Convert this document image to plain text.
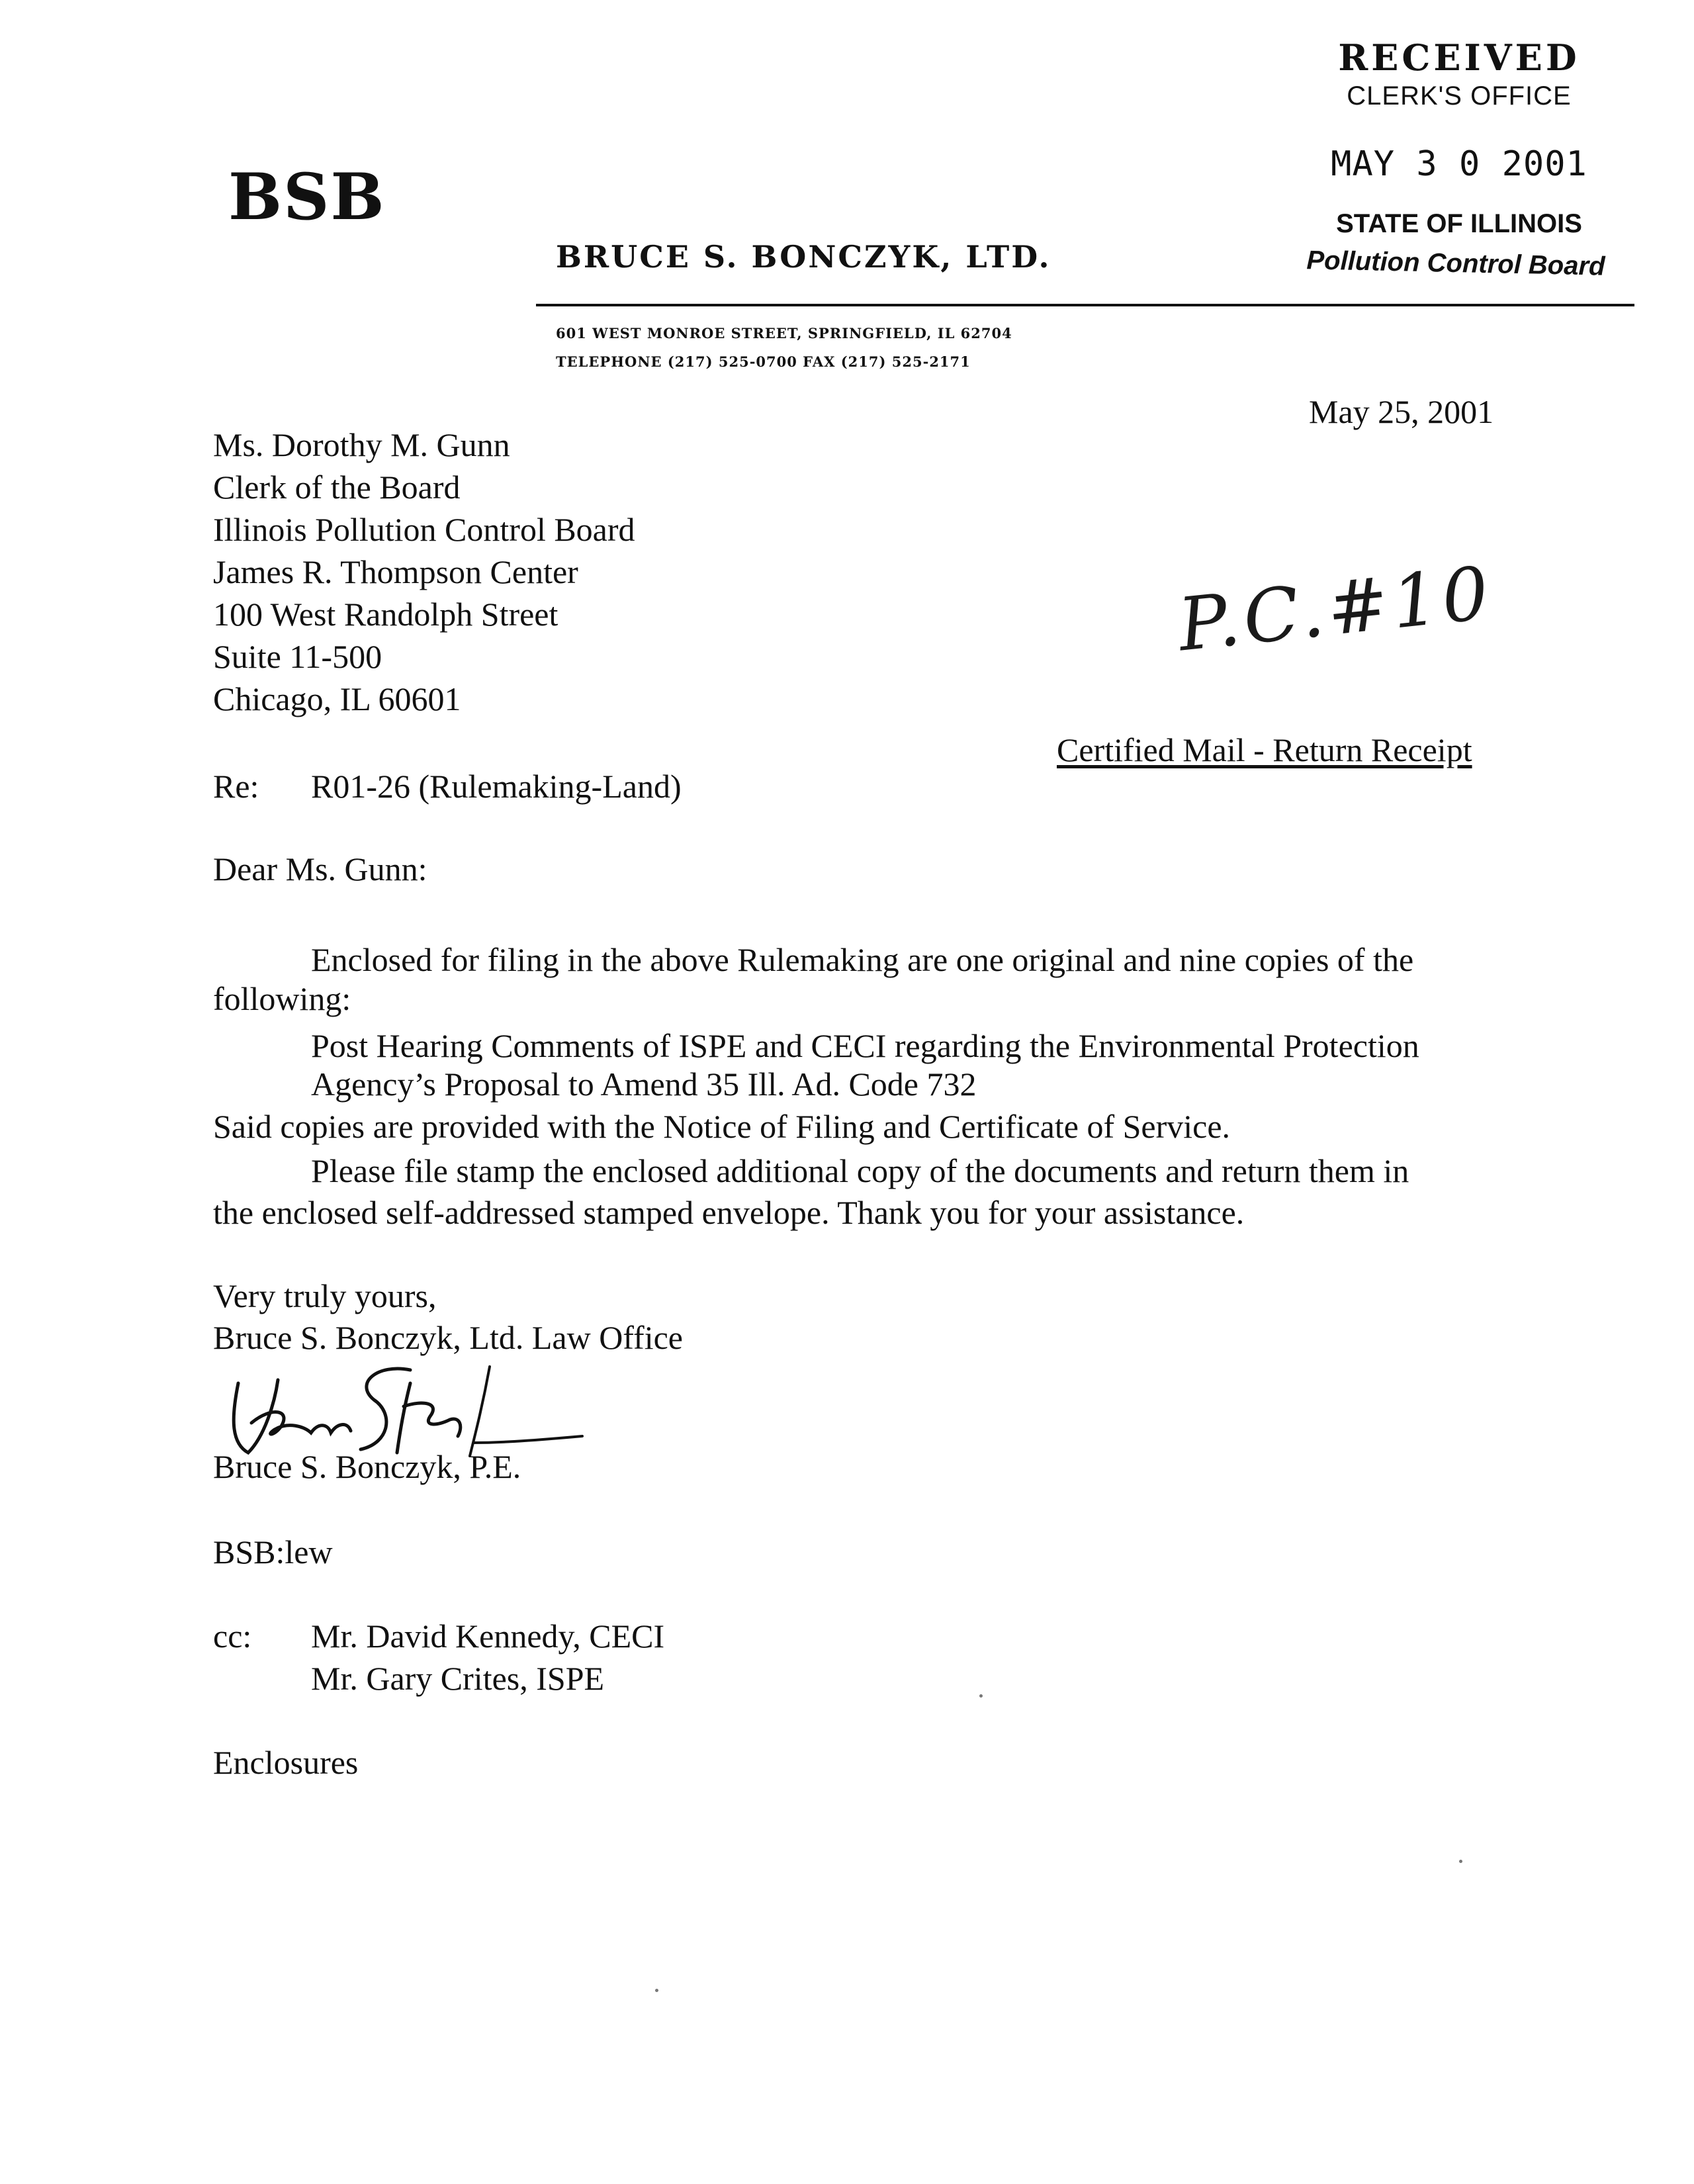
BSB
BRUCE S. BONCZYK, LTD.
601 WEST MONROE STREET, SPRINGFIELD, IL 62704
TELEPHONE (217) 525-0700 FAX (217) 525-2171
RECEIVED
CLERK'S OFFICE
MAY 3 0 2001
STATE OF ILLINOIS
Pollution Control Board
May 25, 2001
Ms. Dorothy M. Gunn
Clerk of the Board
Illinois Pollution Control Board
James R. Thompson Center
100 West Randolph Street
Suite 11-500
Chicago, IL 60601
P.C.#10
Certified Mail - Return Receipt
Re: R01-26 (Rulemaking-Land)
Dear Ms. Gunn:
Enclosed for filing in the above Rulemaking are one original and nine copies of the
following:
Post Hearing Comments of ISPE and CECI regarding the Environmental Protection
Agency’s Proposal to Amend 35 Ill. Ad. Code 732
Said copies are provided with the Notice of Filing and Certificate of Service.
Please file stamp the enclosed additional copy of the documents and return them in
the enclosed self-addressed stamped envelope. Thank you for your assistance.
Very truly yours,
Bruce S. Bonczyk, Ltd. Law Office
Bruce S. Bonczyk, P.E.
BSB:lew
cc: Mr. David Kennedy, CECI
Mr. Gary Crites, ISPE
Enclosures
